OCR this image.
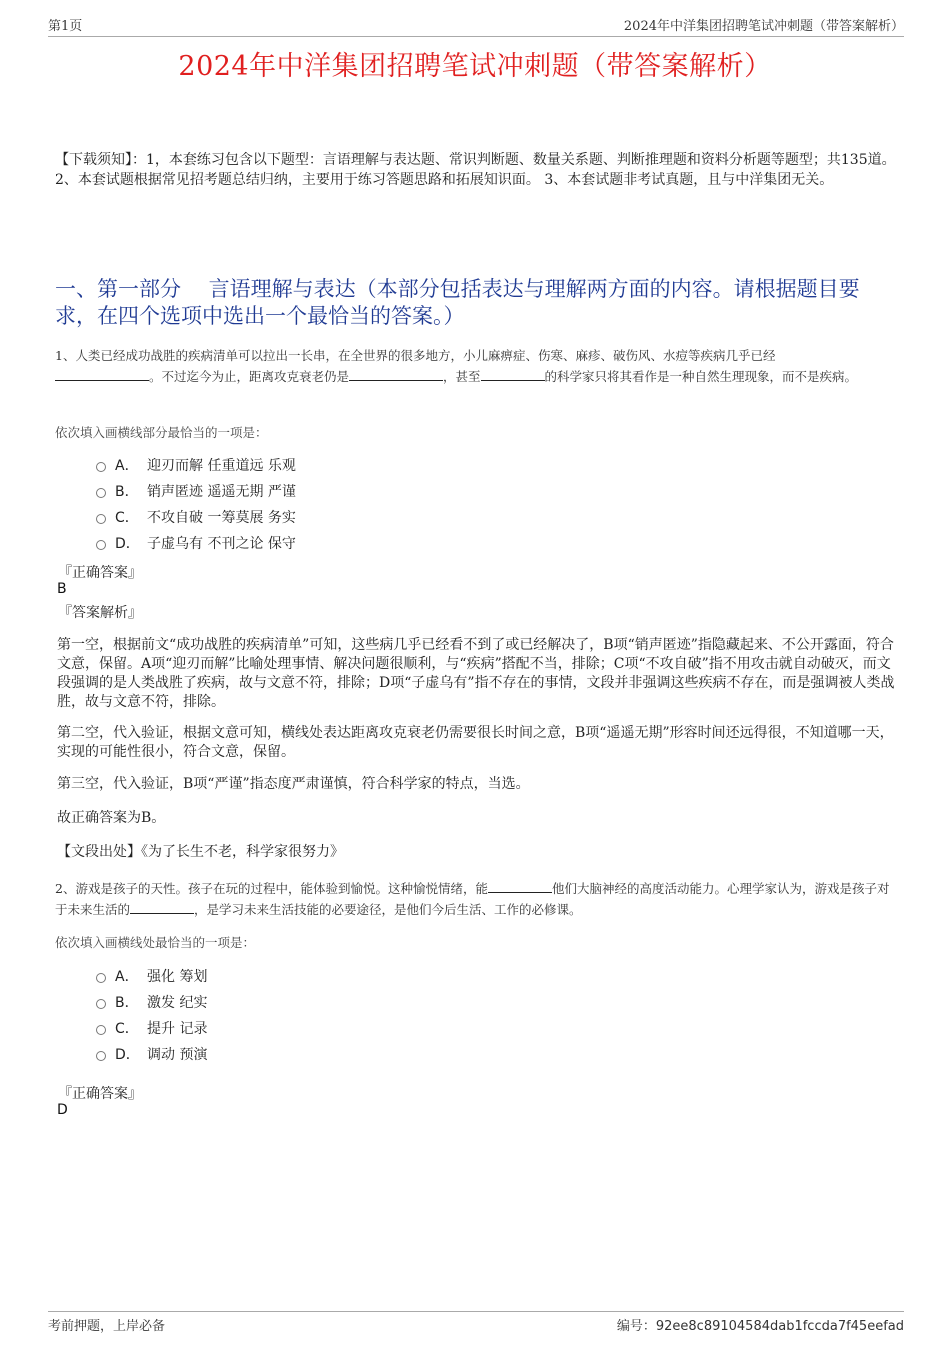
第1页	2024年中洋集团招聘笔试冲刺题（带答案解析）
2024年中洋集团招聘笔试冲刺题（带答案解析）
【下载须知】：1，本套练习包含以下题型：言语理解与表达题、常识判断题、数量关系题、判断推理题和资料分析题等题型；共135道。 2、本套试题根据常见招考题总结归纳，主要用于练习答题思路和拓展知识面。 3、本套试题非考试真题，且与中洋集团无关。
一、第一部分　 言语理解与表达（本部分包括表达与理解两方面的内容。请根据题目要求，在四个选项中选出一个最恰当的答案。）
1、人类已经成功战胜的疾病清单可以拉出一长串，在全世界的很多地方，小儿麻痹症、伤寒、麻疹、破伤风、水痘等疾病几乎已经
。不过迄今为止，距离攻克衰老仍是	，甚至	的科学家只将其看作是一种自然生理现象，而不是疾病。
依次填入画横线部分最恰当的一项是：
A． 迎刃而解 任重道远 乐观
B． 销声匿迹 遥遥无期 严谨
C． 不攻自破 一筹莫展 务实
D． 子虚乌有 不刊之论 保守
『正确答案』
B
『答案解析』
第一空，根据前文“成功战胜的疾病清单”可知，这些病几乎已经看不到了或已经解决了，B项“销声匿迹”指隐藏起来、不公开露面，符合文意，保留。A项“迎刃而解”比喻处理事情、解决问题很顺利，与“疾病”搭配不当，排除；C项“不攻自破”指不用攻击就自动破灭，而文段强调的是人类战胜了疾病，故与文意不符，排除；D项“子虚乌有”指不存在的事情，文段并非强调这些疾病不存在，而是强调被人类战胜，故与文意不符，排除。
第二空，代入验证，根据文意可知，横线处表达距离攻克衰老仍需要很长时间之意，B项“遥遥无期”形容时间还远得很，不知道哪一天，实现的可能性很小，符合文意，保留。
第三空，代入验证，B项“严谨”指态度严肃谨慎，符合科学家的特点，当选。
故正确答案为B。
【文段出处】《为了长生不老，科学家很努力》
2、游戏是孩子的天性。孩子在玩的过程中，能体验到愉悦。这种愉悦情绪，能	他们大脑神经的高度活动能力。心理学家认为，游戏是孩子对于未来生活的	，是学习未来生活技能的必要途径，是他们今后生活、工作的必修课。
依次填入画横线处最恰当的一项是：
A． 强化 筹划
B． 激发 纪实
C． 提升 记录
D． 调动 预演
『正确答案』
D
考前押题，上岸必备	编号：92ee8c89104584dab1fccda7f45eefad
